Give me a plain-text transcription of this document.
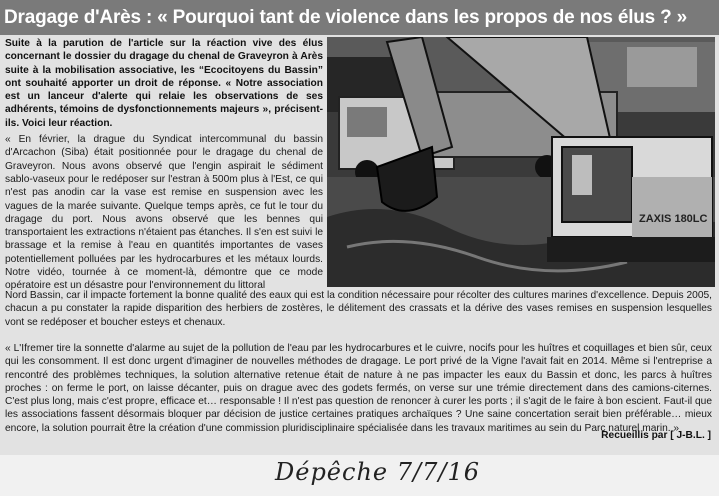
Dragage d'Arès : « Pourquoi tant de violence dans les propos de nos élus ? »

Suite à la parution de l'article sur la réaction vive des élus concernant le dossier du dragage du chenal de Graveyron à Arès suite à la mobilisation associative, les “Ecocitoyens du Bassin” ont souhaité apporter un droit de réponse. « Notre association est un lanceur d'alerte qui relaie les observations de ses adhérents, témoins de dysfonctionnements majeurs », précisent-ils. Voici leur réaction.

« En février, la drague du Syndicat intercommunal du bassin d'Arcachon (Siba) était positionnée pour le dragage du chenal de Graveyron. Nous avons observé que l'engin aspirait le sédiment sablo-vaseux pour le redéposer sur l'estran à 500m plus à l'Est, ce qui n'est pas anodin car la vase est remise en suspension avec les vagues de la marée suivante. Quelque temps après, ce fut le tour du dragage du port. Nous avons observé que les bennes qui transportaient les extractions n'étaient pas étanches. Il s'en est suivi le brassage et la remise à l'eau en quantités importantes de vases potentiellement polluées par les hydrocarbures et les métaux lourds. Notre vidéo, tournée à ce moment-là, démontre que ce mode opératoire est un désastre pour l'environnement du littoral

ZAXIS 180LC
Nord Bassin, car il impacte fortement la bonne qualité des eaux qui est la condition nécessaire pour récolter des cultures marines d'excellence. Depuis 2005, chacun a pu constater la rapide disparition des herbiers de zostères, le délitement des crassats et la dérive des vases remises en suspension lesquelles vont se redéposer et boucher esteys et chenaux.
« L'Ifremer tire la sonnette d'alarme au sujet de la pollution de l'eau par les hydrocarbures et le cuivre, nocifs pour les huîtres et coquillages et bien sûr, ceux qui les consomment. Il est donc urgent d'imaginer de nouvelles méthodes de dragage. Le port privé de la Vigne l'avait fait en 2014. Même si l'entreprise a rencontré des problèmes techniques, la solution alternative retenue était de nature à ne pas impacter les eaux du Bassin et donc, les parcs à huîtres proches : on ferme le port, on laisse décanter, puis on drague avec des godets fermés, on verse sur une trémie directement dans des camions-citernes. C'est plus long, mais c'est propre, efficace et… responsable ! Il n'est pas question de renoncer à curer les ports ; il s'agit de le faire à bon escient. Faut-il que les associations fassent désormais bloquer par décision de justice certaines pratiques archaïques ? Une saine concertation serait bien préférable… mieux encore, la solution pourrait être la création d'une commission pluridisciplinaire spécialisée dans les travaux maritimes au sein du Parc naturel marin. »
Recueillis par [ J-B.L. ]
Dépêche 7/7/16
